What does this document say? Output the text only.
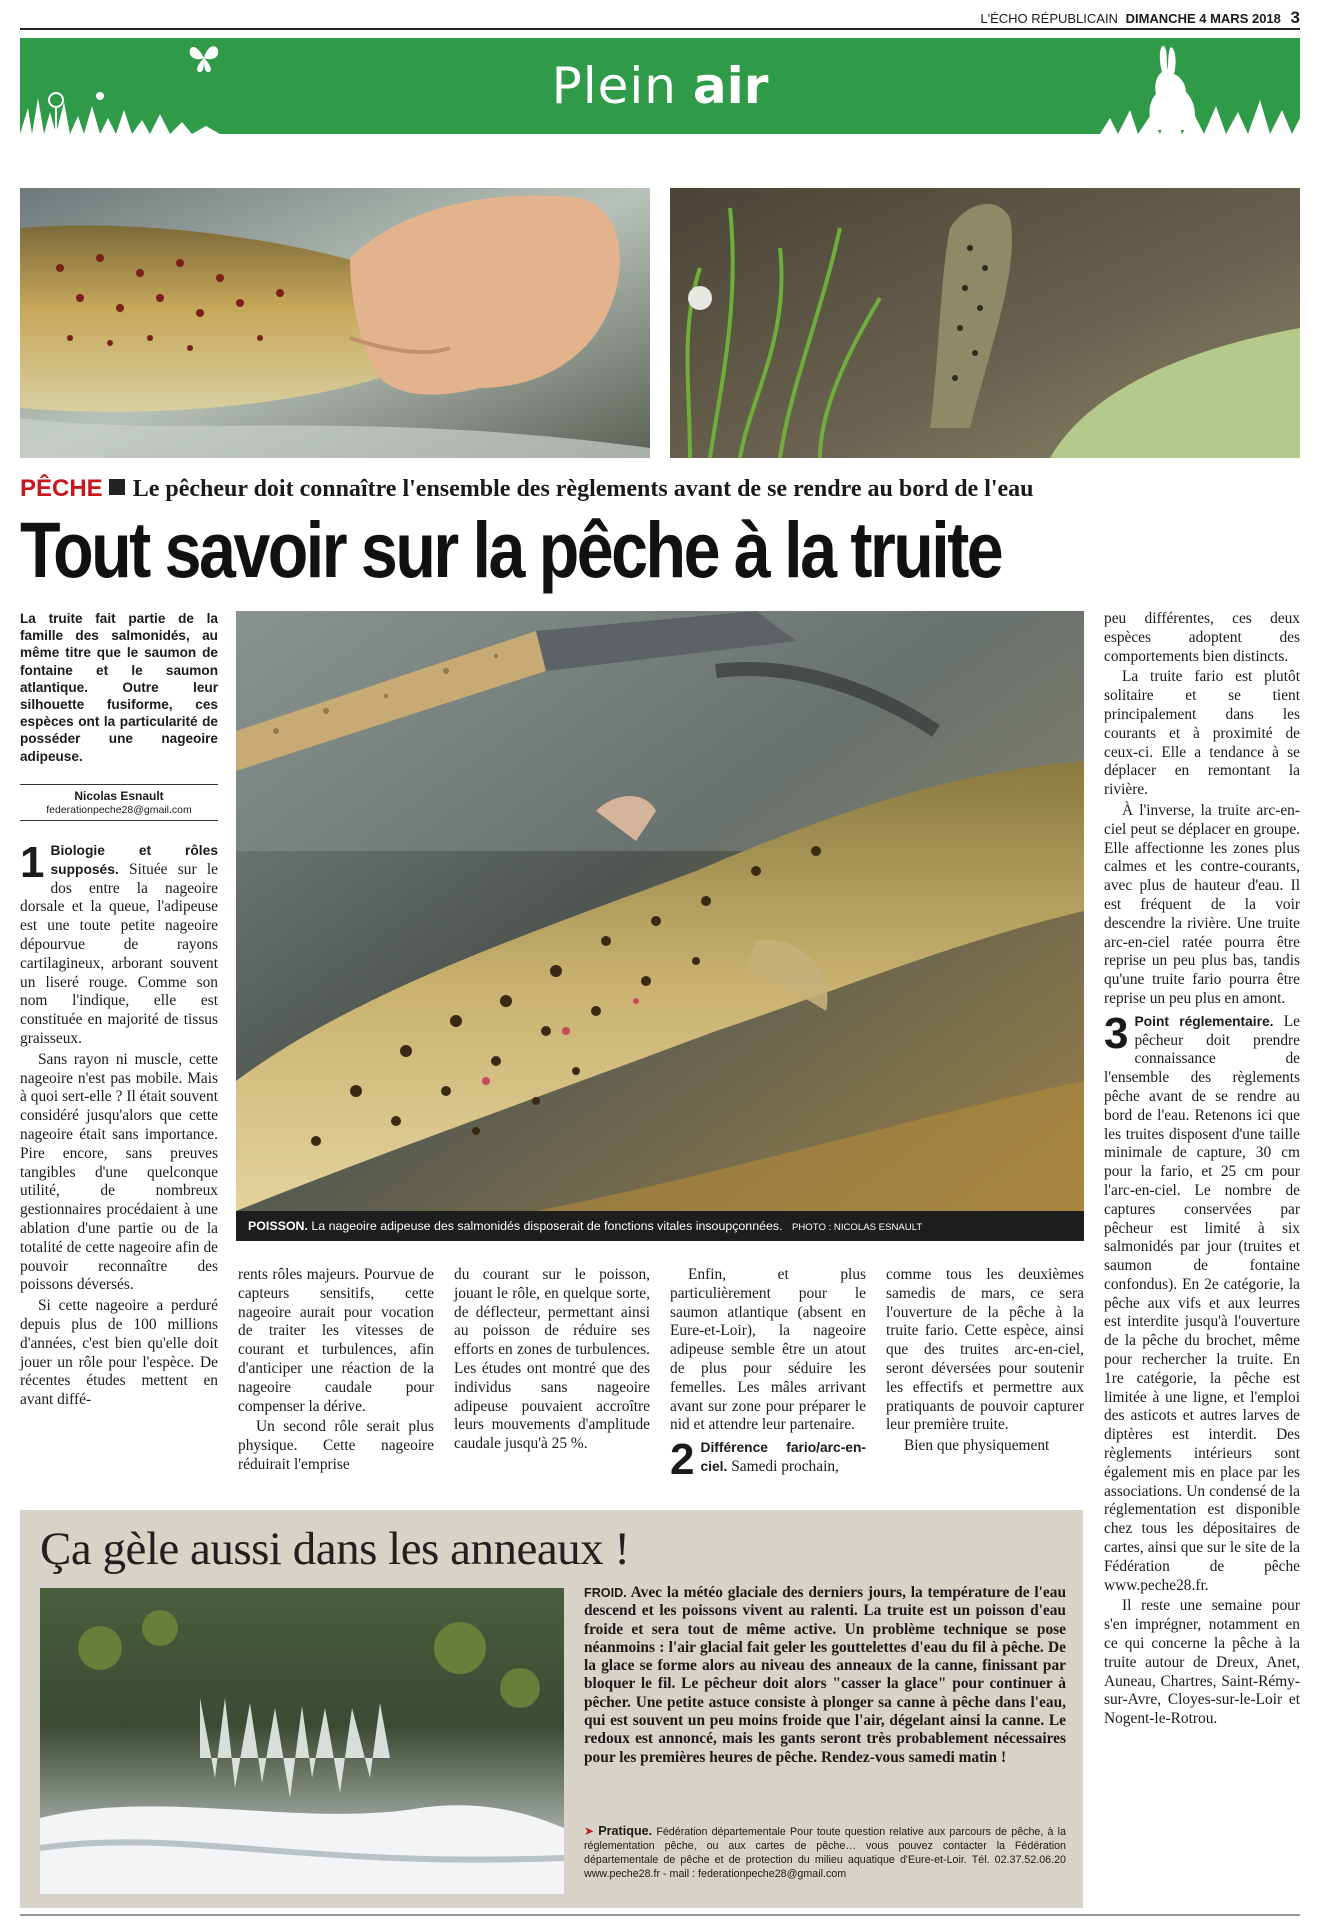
L'ÉCHO RÉPUBLICAIN DIMANCHE 4 MARS 2018 3
Plein air
PÊCHE Le pêcheur doit connaître l'ensemble des règlements avant de se rendre au bord de l'eau
Tout savoir sur la pêche à la truite
La truite fait partie de la famille des salmonidés, au même titre que le saumon de fontaine et le saumon atlantique. Outre leur silhouette fusiforme, ces espèces ont la particularité de posséder une nageoire adipeuse.
Nicolas Esnault
federationpeche28@gmail.com
POISSON. La nageoire adipeuse des salmonidés disposerait de fonctions vitales insoupçonnées. PHOTO : NICOLAS ESNAULT

1 Biologie et rôles supposés. Située sur le dos entre la nageoire dorsale et la queue, l'adipeuse est une toute petite nageoire dépourvue de rayons cartilagineux, arborant souvent un liseré rouge. Comme son nom l'indique, elle est constituée en majorité de tissus graisseux.

Sans rayon ni muscle, cette nageoire n'est pas mobile. Mais à quoi sert-elle ? Il était souvent considéré jusqu'alors que cette nageoire était sans importance. Pire encore, sans preuves tangibles d'une quelconque utilité, de nombreux gestionnaires procédaient à une ablation d'une partie ou de la totalité de cette nageoire afin de pouvoir reconnaître des poissons déversés.

Si cette nageoire a perduré depuis plus de 100 millions d'années, c'est bien qu'elle doit jouer un rôle pour l'espèce. De récentes études mettent en avant diffé-

rents rôles majeurs. Pourvue de capteurs sensitifs, cette nageoire aurait pour vocation de traiter les vitesses de courant et turbulences, afin d'anticiper une réaction de la nageoire caudale pour compenser la dérive.

Un second rôle serait plus physique. Cette nageoire réduirait l'emprise

du courant sur le poisson, jouant le rôle, en quelque sorte, de déflecteur, permettant ainsi au poisson de réduire ses efforts en zones de turbulences. Les études ont montré que des individus sans nageoire adipeuse pouvaient accroître leurs mouvements d'amplitude caudale jusqu'à 25 %.

Enfin, et plus particulièrement pour le saumon atlantique (absent en Eure-et-Loir), la nageoire adipeuse semble être un atout de plus pour séduire les femelles. Les mâles arrivant avant sur zone pour préparer le nid et attendre leur partenaire.

2 Différence fario/arc-en-ciel. Samedi prochain,

comme tous les deuxièmes samedis de mars, ce sera l'ouverture de la pêche à la truite fario. Cette espèce, ainsi que des truites arc-en-ciel, seront déversées pour soutenir les effectifs et permettre aux pratiquants de pouvoir capturer leur première truite.

Bien que physiquement

peu différentes, ces deux espèces adoptent des comportements bien distincts.

La truite fario est plutôt solitaire et se tient principalement dans les courants et à proximité de ceux-ci. Elle a tendance à se déplacer en remontant la rivière.

À l'inverse, la truite arc-en-ciel peut se déplacer en groupe. Elle affectionne les zones plus calmes et les contre-courants, avec plus de hauteur d'eau. Il est fréquent de la voir descendre la rivière. Une truite arc-en-ciel ratée pourra être reprise un peu plus bas, tandis qu'une truite fario pourra être reprise un peu plus en amont.

3 Point réglementaire. Le pêcheur doit prendre connaissance de l'ensemble des règlements pêche avant de se rendre au bord de l'eau. Retenons ici que les truites disposent d'une taille minimale de capture, 30 cm pour la fario, et 25 cm pour l'arc-en-ciel. Le nombre de captures conservées par pêcheur est limité à six salmonidés par jour (truites et saumon de fontaine confondus). En 2e catégorie, la pêche aux vifs et aux leurres est interdite jusqu'à l'ouverture de la pêche du brochet, même pour rechercher la truite. En 1re catégorie, la pêche est limitée à une ligne, et l'emploi des asticots et autres larves de diptères est interdit. Des règlements intérieurs sont également mis en place par les associations. Un condensé de la réglementation est disponible chez tous les dépositaires de cartes, ainsi que sur le site de la Fédération de pêche www.peche28.fr.

Il reste une semaine pour s'en imprégner, notamment en ce qui concerne la pêche à la truite autour de Dreux, Anet, Auneau, Chartres, Saint-Rémy-sur-Avre, Cloyes-sur-le-Loir et Nogent-le-Rotrou.

Ça gèle aussi dans les anneaux !
FROID. Avec la météo glaciale des derniers jours, la température de l'eau descend et les poissons vivent au ralenti. La truite est un poisson d'eau froide et sera tout de même active. Un problème technique se pose néanmoins : l'air glacial fait geler les gouttelettes d'eau du fil à pêche. De la glace se forme alors au niveau des anneaux de la canne, finissant par bloquer le fil. Le pêcheur doit alors "casser la glace" pour continuer à pêcher. Une petite astuce consiste à plonger sa canne à pêche dans l'eau, qui est souvent un peu moins froide que l'air, dégelant ainsi la canne. Le redoux est annoncé, mais les gants seront très probablement nécessaires pour les premières heures de pêche. Rendez-vous samedi matin !
➤ Pratique. Fédération départementale Pour toute question relative aux parcours de pêche, à la réglementation pêche, ou aux cartes de pêche… vous pouvez contacter la Fédération départementale de pêche et de protection du milieu aquatique d'Eure-et-Loir. Tél. 02.37.52.06.20 www.peche28.fr - mail : federationpeche28@gmail.com
